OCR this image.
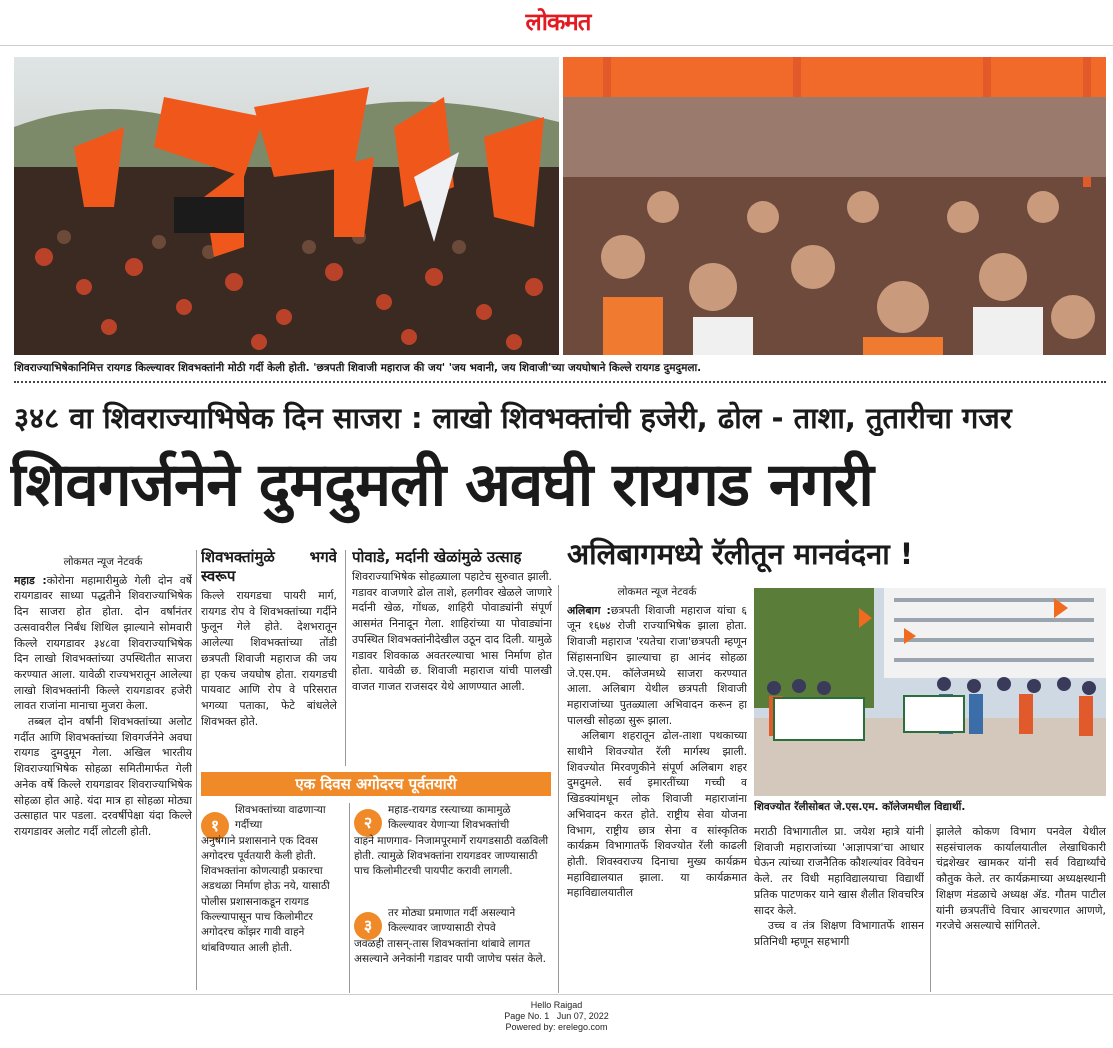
लोकमत
शिवराज्याभिषेकानिमित्त रायगड किल्ल्यावर शिवभक्तांनी मोठी गर्दी केली होती. 'छत्रपती शिवाजी महाराज की जय' 'जय भवानी, जय शिवाजी'च्या जयघोषाने किल्ले रायगड दुमदुमला.
३४८ वा शिवराज्याभिषेक दिन साजरा : लाखो शिवभक्तांची हजेरी, ढोल - ताशा, तुतारीचा गजर
शिवगर्जनेने दुमदुमली अवघी रायगड नगरी
अलिबागमध्ये रॅलीतून मानवंदना !
लोकमत न्यूज नेटवर्क

महाड :कोरोना महामारीमुळे गेली दोन वर्षे रायगडावर साध्या पद्धतीने शिवराज्याभिषेक दिन साजरा होत होता. दोन वर्षांनंतर उत्सवावरील निर्बंध शिथिल झाल्याने सोमवारी किल्ले रायगडावर ३४८वा शिवराज्याभिषेक दिन लाखो शिवभक्तांच्या उपस्थितीत साजरा करण्यात आला. यावेळी राज्यभरातून आलेल्या लाखो शिवभक्तांनी किल्ले रायगडावर हजेरी लावत राजांना मानाचा मुजरा केला.

तब्बल दोन वर्षांनी शिवभक्तांच्या अलोट गर्दीत आणि शिवभक्तांच्या शिवगर्जनेने अवघा रायगड दुमदुमून गेला. अखिल भारतीय शिवराज्याभिषेक सोहळा समितीमार्फत गेली अनेक वर्षे किल्ले रायगडावर शिवराज्याभिषेक सोहळा होत आहे. यंदा मात्र हा सोहळा मोठ्या उत्साहात पार पडला. दरवर्षीपेक्षा यंदा किल्ले रायगडावर अलोट गर्दी लोटली होती.

शिवभक्तांमुळे भगवे स्वरूप

किल्ले रायगडचा पायरी मार्ग, रायगड रोप वे शिवभक्तांच्या गर्दीने फुलून गेले होते. देशभरातून आलेल्या शिवभक्तांच्या तोंडी छत्रपती शिवाजी महाराज की जय हा एकच जयघोष होता. रायगडची पायवाट आणि रोप वे परिसरात भगव्या पताका, फेटे बांधलेले शिवभक्त होते.

पोवाडे, मर्दानी खेळांमुळे उत्साह

शिवराज्याभिषेक सोहळ्याला पहाटेच सुरुवात झाली. गडावर वाजणारे ढोल ताशे, हलगीवर खेळले जाणारे मर्दानी खेळ, गोंधळ, शाहिरी पोवाड्यांनी संपूर्ण आसमंत निनादून गेला. शाहिरांच्या या पोवाड्यांना उपस्थित शिवभक्तांनीदेखील उठून दाद दिली. यामुळे गडावर शिवकाळ अवतरल्याचा भास निर्माण होत होता. यावेळी छ. शिवाजी महाराज यांची पालखी वाजत गाजत राजसदर येथे आणण्यात आली.

एक दिवस अगोदरच पूर्वतयारी
१
शिवभक्तांच्या वाढणाऱ्या गर्दीच्या
अनुषंगाने प्रशासनाने एक दिवस अगोदरच पूर्वतयारी केली होती. शिवभक्तांना कोणत्याही प्रकारचा अडथळा निर्माण होऊ नये, यासाठी पोलीस प्रशासनाकडून रायगड किल्ल्यापासून पाच किलोमीटर अगोदरच कोंझर गावी वाहने थांबविण्यात आली होती.
२
महाड-रायगड रस्त्याच्या कामामुळे किल्ल्यावर येणाऱ्या शिवभक्तांची
वाहने माणगाव- निजामपूरमार्गे रायगडसाठी वळविली होती. त्यामुळे शिवभक्तांना रायगडवर जाण्यासाठी पाच किलोमीटरची पायपीट करावी लागली.
३
तर मोठ्या प्रमाणात गर्दी असल्याने किल्ल्यावर जाण्यासाठी रोपवे
जवळही तासन्-तास शिवभक्तांना थांबावे लागत असल्याने अनेकांनी गडावर पायी जाणेच पसंत केले.
लोकमत न्यूज नेटवर्क

अलिबाग :छत्रपती शिवाजी महाराज यांचा ६ जून १६७४ रोजी राज्याभिषेक झाला होता. शिवाजी महाराज 'रयतेचा राजा'छत्रपती म्हणून सिंहासनाधिन झाल्याचा हा आनंद सोहळा जे.एस.एम. कॉलेजमध्ये साजरा करण्यात आला. अलिबाग येथील छत्रपती शिवाजी महाराजांच्या पुतळ्याला अभिवादन करून हा पालखी सोहळा सुरू झाला.

अलिबाग शहरातून ढोल-ताशा पथकाच्या साथीने शिवज्योत रॅली मार्गस्थ झाली. शिवज्योत मिरवणुकीने संपूर्ण अलिबाग शहर दुमदुमले. सर्व इमारतींच्या गच्ची व खिडक्यांमधून लोक शिवाजी महाराजांना अभिवादन करत होते. राष्ट्रीय सेवा योजना विभाग, राष्ट्रीय छात्र सेना व सांस्कृतिक कार्यक्रम विभागातर्फे शिवज्योत रॅली काढली होती. शिवस्वराज्य दिनाचा मुख्य कार्यक्रम महाविद्यालयात झाला. या कार्यक्रमात महाविद्यालयातील

शिवज्योत रॅलीसोबत जे.एस.एम. कॉलेजमधील विद्यार्थी.

मराठी विभागातील प्रा. जयेश म्हात्रे यांनी शिवाजी महाराजांच्या 'आज्ञापत्रा'चा आधार घेऊन त्यांच्या राजनैतिक कौशल्यांवर विवेचन केले. तर विधी महाविद्यालयाचा विद्यार्थी प्रतिक पाटणकर याने खास शैलीत शिवचरित्र सादर केले.

उच्च व तंत्र शिक्षण विभागातर्फे शासन प्रतिनिधी म्हणून सहभागी

झालेले कोकण विभाग पनवेल येथील सहसंचालक कार्यालयातील लेखाधिकारी चंद्रशेखर खामकर यांनी सर्व विद्यार्थ्यांचे कौतुक केले. तर कार्यक्रमाच्या अध्यक्षस्थानी शिक्षण मंडळाचे अध्यक्ष ॲड. गौतम पाटील यांनी छत्रपतींचे विचार आचरणात आणणे, गरजेचे असल्याचे सांगितले.

Hello Raigad
Page No. 1   Jun 07, 2022
Powered by: erelego.com
